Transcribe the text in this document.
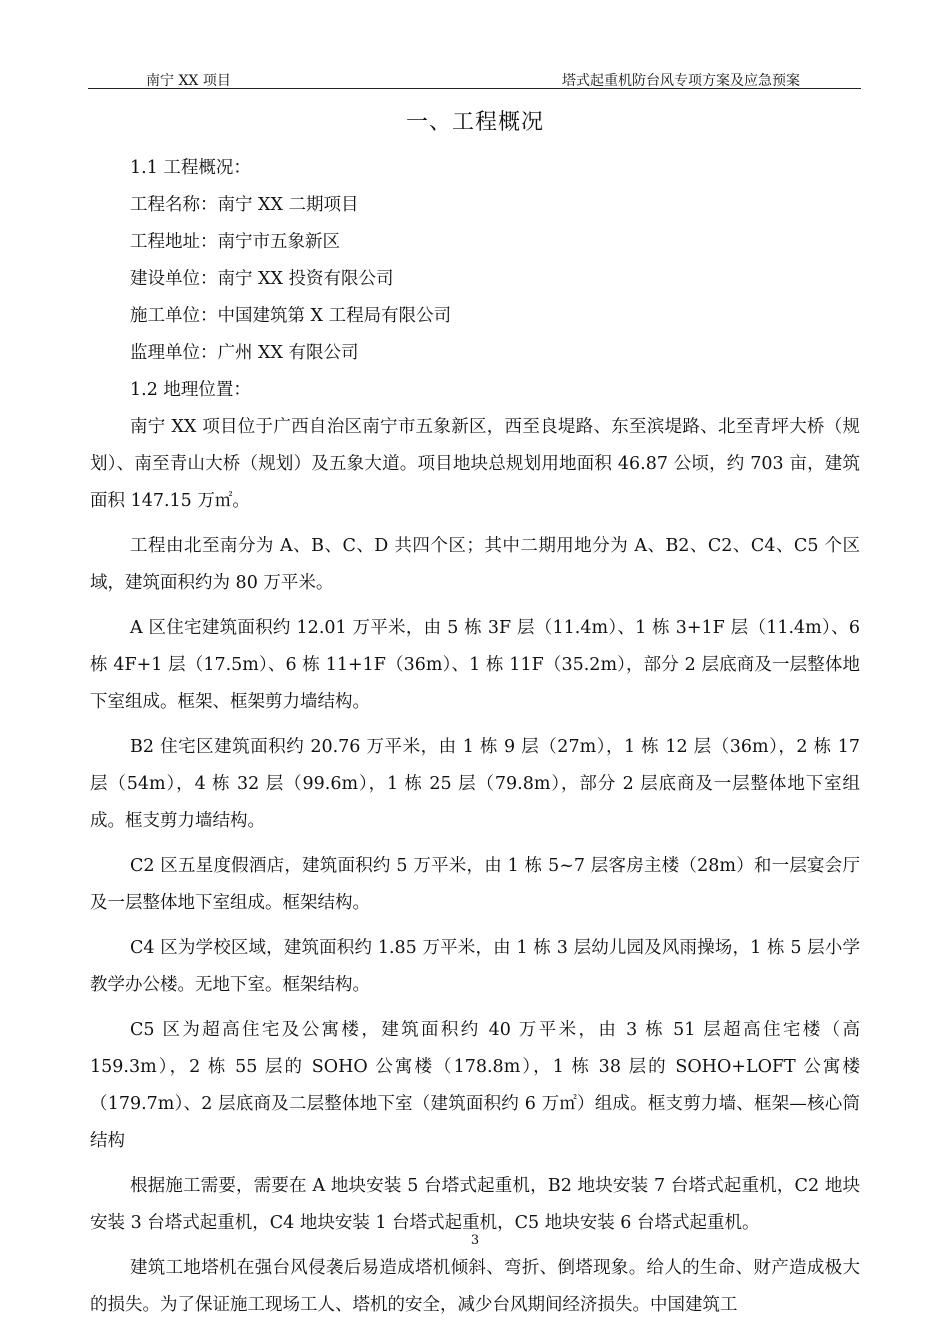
南宁 XX 项目	塔式起重机防台风专项方案及应急预案
一、工程概况

1.1 工程概况：

工程名称：南宁 XX 二期项目

工程地址：南宁市五象新区

建设单位：南宁 XX 投资有限公司

施工单位：中国建筑第 X 工程局有限公司

监理单位：广州 XX 有限公司

1.2 地理位置：

南宁 XX 项目位于广西自治区南宁市五象新区，西至良堤路、东至滨堤路、北至青坪大桥（规划）、南至青山大桥（规划）及五象大道。项目地块总规划用地面积 46.87 公顷，约 703 亩，建筑面积 147.15 万㎡。

工程由北至南分为 A、B、C、D 共四个区；其中二期用地分为 A、B2、C2、C4、C5 个区域，建筑面积约为 80 万平米。

A 区住宅建筑面积约 12.01 万平米，由 5 栋 3F 层（11.4m）、1 栋 3+1F 层（11.4m）、6 栋 4F+1 层（17.5m）、6 栋 11+1F（36m）、1 栋 11F（35.2m），部分 2 层底商及一层整体地下室组成。框架、框架剪力墙结构。

B2 住宅区建筑面积约 20.76 万平米，由 1 栋 9 层（27m），1 栋 12 层（36m），2 栋 17 层（54m），4 栋 32 层（99.6m），1 栋 25 层（79.8m），部分 2 层底商及一层整体地下室组成。框支剪力墙结构。

C2 区五星度假酒店，建筑面积约 5 万平米，由 1 栋 5~7 层客房主楼（28m）和一层宴会厅及一层整体地下室组成。框架结构。

C4 区为学校区域，建筑面积约 1.85 万平米，由 1 栋 3 层幼儿园及风雨操场，1 栋 5 层小学教学办公楼。无地下室。框架结构。

C5 区为超高住宅及公寓楼，建筑面积约 40 万平米，由 3 栋 51 层超高住宅楼（高 159.3m），2 栋 55 层的 SOHO 公寓楼（178.8m），1 栋 38 层的 SOHO+LOFT 公寓楼（179.7m）、2 层底商及二层整体地下室（建筑面积约 6 万㎡）组成。框支剪力墙、框架—核心筒结构

根据施工需要，需要在 A 地块安装 5 台塔式起重机，B2 地块安装 7 台塔式起重机，C2 地块安装 3 台塔式起重机，C4 地块安装 1 台塔式起重机，C5 地块安装 6 台塔式起重机。

建筑工地塔机在强台风侵袭后易造成塔机倾斜、弯折、倒塔现象。给人的生命、财产造成极大的损失。为了保证施工现场工人、塔机的安全，减少台风期间经济损失。中国建筑工

3
